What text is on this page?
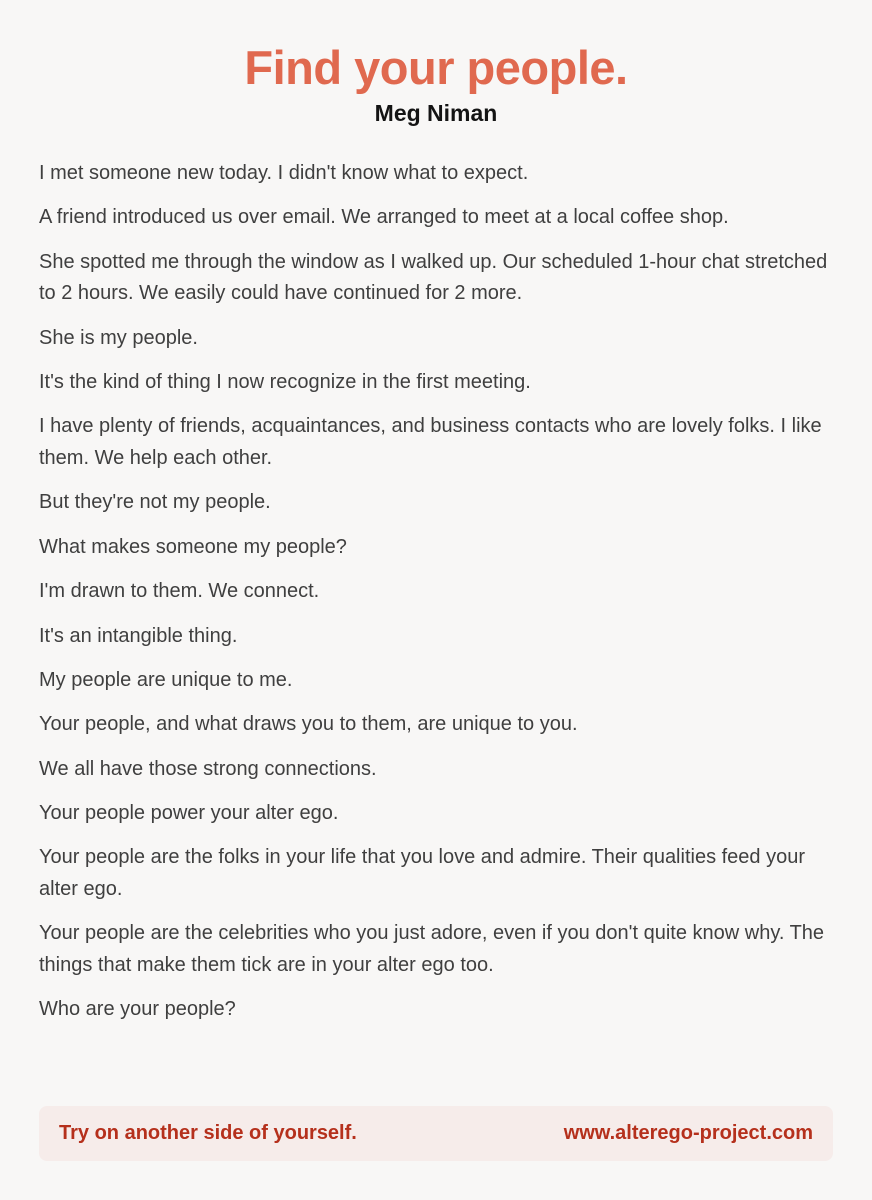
Find your people.
Meg Niman

I met someone new today. I didn't know what to expect.

A friend introduced us over email. We arranged to meet at a local coffee shop.

She spotted me through the window as I walked up. Our scheduled 1-hour chat stretched to 2 hours. We easily could have continued for 2 more.

She is my people.

It's the kind of thing I now recognize in the first meeting.

I have plenty of friends, acquaintances, and business contacts who are lovely folks. I like them. We help each other.

But they're not my people.

What makes someone my people?

I'm drawn to them. We connect.

It's an intangible thing.

My people are unique to me.

Your people, and what draws you to them, are unique to you.

We all have those strong connections.

Your people power your alter ego.

Your people are the folks in your life that you love and admire. Their qualities feed your alter ego.

Your people are the celebrities who you just adore, even if you don't quite know why. The things that make them tick are in your alter ego too.

Who are your people?

Try on another side of yourself.	www.alterego-project.com
